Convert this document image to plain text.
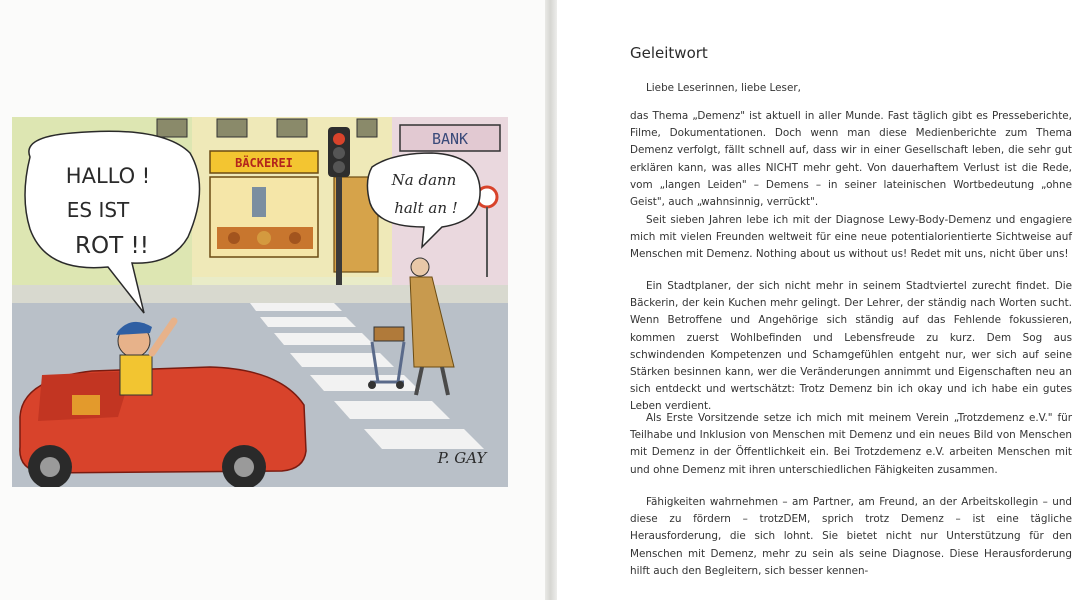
BÄCKEREI
BANK
HALLO !
ES IST
ROT !!
Na dann
halt an !
P. GAY
Geleitwort

Liebe Leserinnen, liebe Leser,

das Thema „Demenz" ist aktuell in aller Munde. Fast täglich gibt es Presseberichte, Filme, Dokumentationen. Doch wenn man diese Medienberichte zum Thema Demenz verfolgt, fällt schnell auf, dass wir in einer Gesellschaft leben, die sehr gut erklären kann, was alles NICHT mehr geht. Von dauerhaftem Verlust ist die Rede, vom „langen Leiden" – Demens – in seiner lateinischen Wortbedeutung „ohne Geist", auch „wahnsinnig, verrückt".

Seit sieben Jahren lebe ich mit der Diagnose Lewy-Body-Demenz und engagiere mich mit vielen Freunden weltweit für eine neue potentialorientierte Sichtweise auf Menschen mit Demenz. Nothing about us without us! Redet mit uns, nicht über uns!

Ein Stadtplaner, der sich nicht mehr in seinem Stadtviertel zurecht findet. Die Bäckerin, der kein Kuchen mehr gelingt. Der Lehrer, der ständig nach Worten sucht. Wenn Betroffene und Angehörige sich ständig auf das Fehlende fokussieren, kommen zuerst Wohlbefinden und Lebensfreude zu kurz. Dem Sog aus schwindenden Kompetenzen und Schamgefühlen entgeht nur, wer sich auf seine Stärken besinnen kann, wer die Veränderungen annimmt und Eigenschaften neu an sich entdeckt und wertschätzt: Trotz Demenz bin ich okay und ich habe ein gutes Leben verdient.

Als Erste Vorsitzende setze ich mich mit meinem Verein „Trotzdemenz e.V." für Teilhabe und Inklusion von Menschen mit Demenz und ein neues Bild von Menschen mit Demenz in der Öffentlichkeit ein. Bei Trotzdemenz e.V. arbeiten Menschen mit und ohne Demenz mit ihren unterschiedlichen Fähigkeiten zusammen.

Fähigkeiten wahrnehmen – am Partner, am Freund, an der Arbeitskollegin – und diese zu fördern – trotzDEM, sprich trotz Demenz – ist eine tägliche Herausforderung, die sich lohnt. Sie bietet nicht nur Unterstützung für den Menschen mit Demenz, mehr zu sein als seine Diagnose. Diese Herausforderung hilft auch den Begleitern, sich besser kennen-
